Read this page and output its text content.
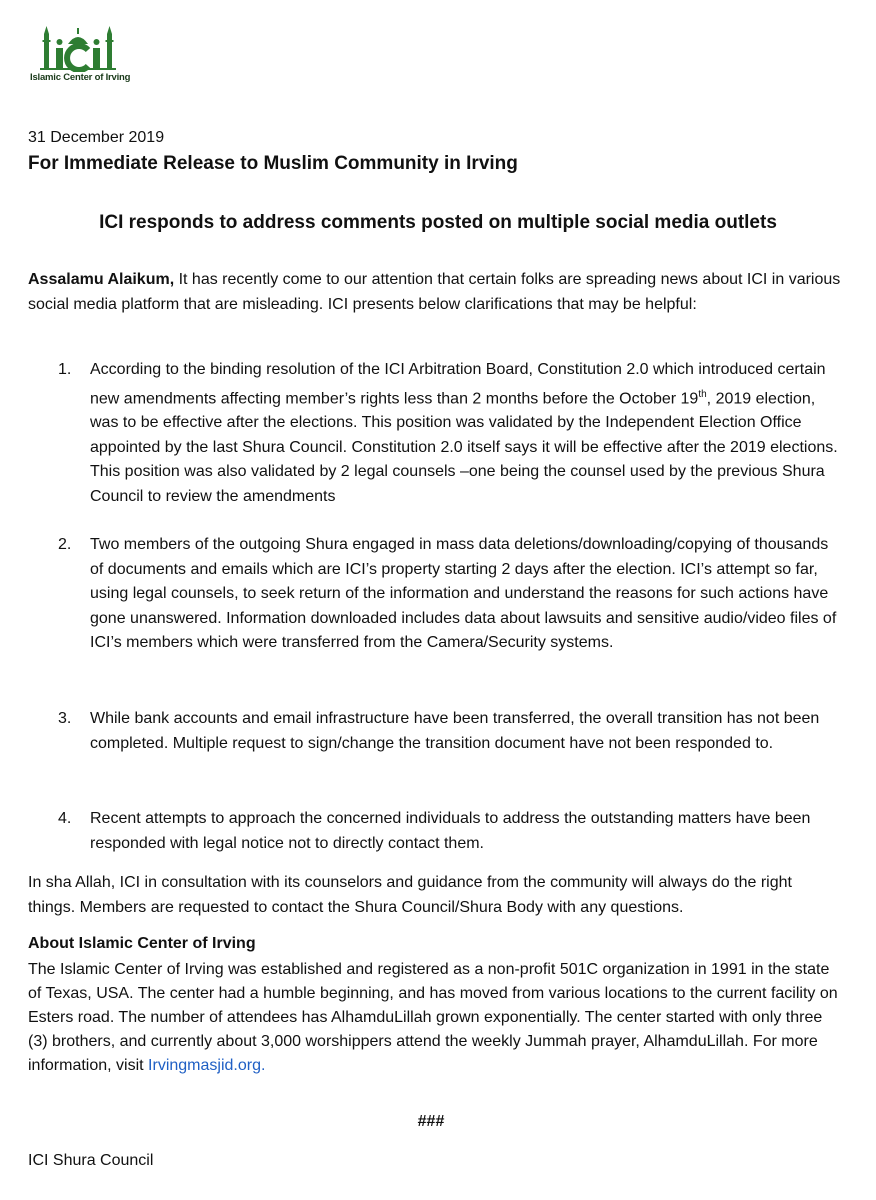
Islamic Center of Irving
31 December 2019
For Immediate Release to Muslim Community in Irving
ICI responds to address comments posted on multiple social media outlets
Assalamu Alaikum, It has recently come to our attention that certain folks are spreading news about ICI in various social media platform that are misleading. ICI presents below clarifications that may be helpful:
1.	According to the binding resolution of the ICI Arbitration Board, Constitution 2.0 which introduced certain new amendments affecting member’s rights less than 2 months before the October 19th, 2019 election, was to be effective after the elections. This position was validated by the Independent Election Office appointed by the last Shura Council. Constitution 2.0 itself says it will be effective after the 2019 elections. This position was also validated by 2 legal counsels –one being the counsel used by the previous Shura Council to review the amendments
2.	Two members of the outgoing Shura engaged in mass data deletions/downloading/copying of thousands of documents and emails which are ICI’s property starting 2 days after the election. ICI’s attempt so far, using legal counsels, to seek return of the information and understand the reasons for such actions have gone unanswered. Information downloaded includes data about lawsuits and sensitive audio/video files of ICI’s members which were transferred from the Camera/Security systems.
3.	While bank accounts and email infrastructure have been transferred, the overall transition has not been completed. Multiple request to sign/change the transition document have not been responded to.
4.	Recent attempts to approach the concerned individuals to address the outstanding matters have been responded with legal notice not to directly contact them.
In sha Allah, ICI in consultation with its counselors and guidance from the community will always do the right things. Members are requested to contact the Shura Council/Shura Body with any questions.
About Islamic Center of Irving
The Islamic Center of Irving was established and registered as a non-profit 501C organization in 1991 in the state of Texas, USA. The center had a humble beginning, and has moved from various locations to the current facility on Esters road. The number of attendees has AlhamduLillah grown exponentially. The center started with only three (3) brothers, and currently about 3,000 worshippers attend the weekly Jummah prayer, AlhamduLillah. For more information, visit Irvingmasjid.org.
###
ICI Shura Council
